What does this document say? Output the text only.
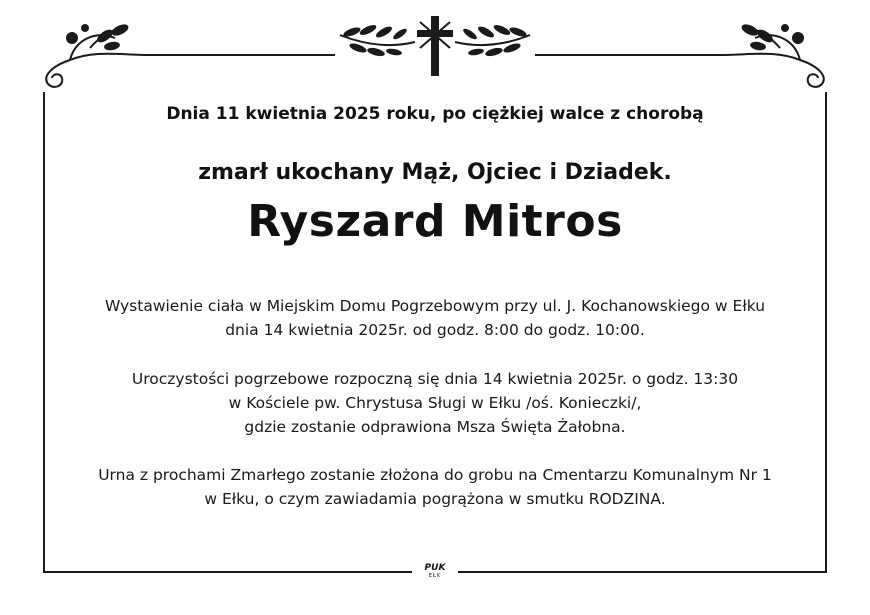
Dnia 11 kwietnia 2025 roku, po ciężkiej walce z chorobą
zmarł ukochany Mąż, Ojciec i Dziadek.
Ryszard Mitros
Wystawienie ciała w Miejskim Domu Pogrzebowym przy ul. J. Kochanowskiego w Ełku
dnia 14 kwietnia 2025r. od godz. 8:00 do godz. 10:00.
Uroczystości pogrzebowe rozpoczną się dnia 14 kwietnia 2025r. o godz. 13:30
w Kościele pw. Chrystusa Sługi w Ełku /oś. Konieczki/,
gdzie zostanie odprawiona Msza Święta Żałobna.
Urna z prochami Zmarłego zostanie złożona do grobu na Cmentarzu Komunalnym Nr 1
w Ełku, o czym zawiadamia pogrążona w smutku RODZINA.
PUK
EŁK
